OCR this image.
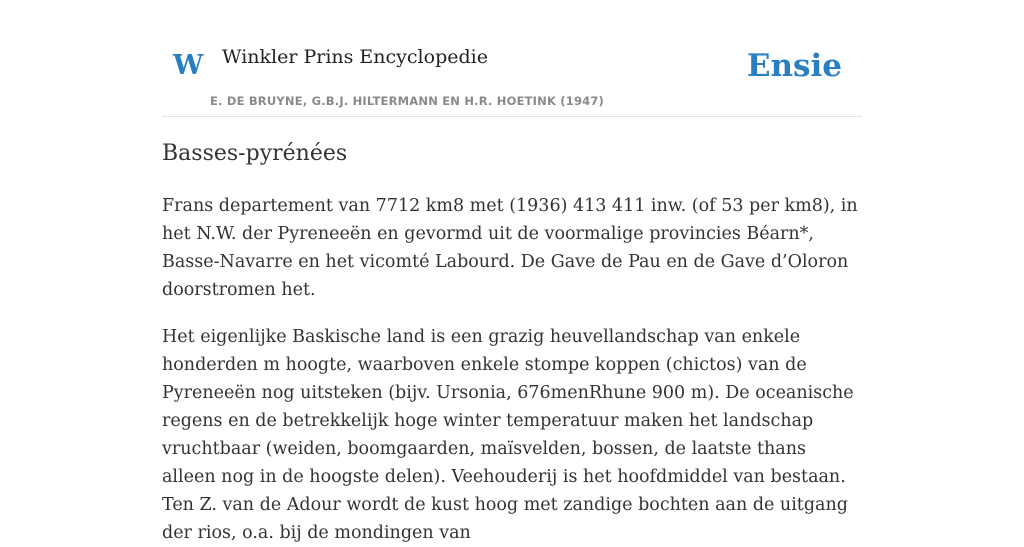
W Winkler Prins Encyclopedie
E. DE BRUYNE, G.B.J. HILTERMANN EN H.R. HOETINK (1947)
Ensie
Basses-pyrénées

Frans departement van 7712 km8 met (1936) 413 411 inw. (of 53 per km8), in het N.W. der Pyreneeën en gevormd uit de voormalige provincies Béarn*, Basse-Navarre en het vicomté Labourd. De Gave de Pau en de Gave d’Oloron doorstromen het.

Het eigenlijke Baskische land is een grazig heuvellandschap van enkele honderden m hoogte, waarboven enkele stompe koppen (chictos) van de Pyreneeën nog uitsteken (bijv. Ursonia, 676menRhune 900 m). De oceanische regens en de betrekkelijk hoge winter temperatuur maken het landschap vruchtbaar (weiden, boomgaarden, maïsvelden, bossen, de laatste thans alleen nog in de hoogste delen). Veehouderij is het hoofdmiddel van bestaan. Ten Z. van de Adour wordt de kust hoog met zandige bochten aan de uitgang der rios, o.a. bij de mondingen van
